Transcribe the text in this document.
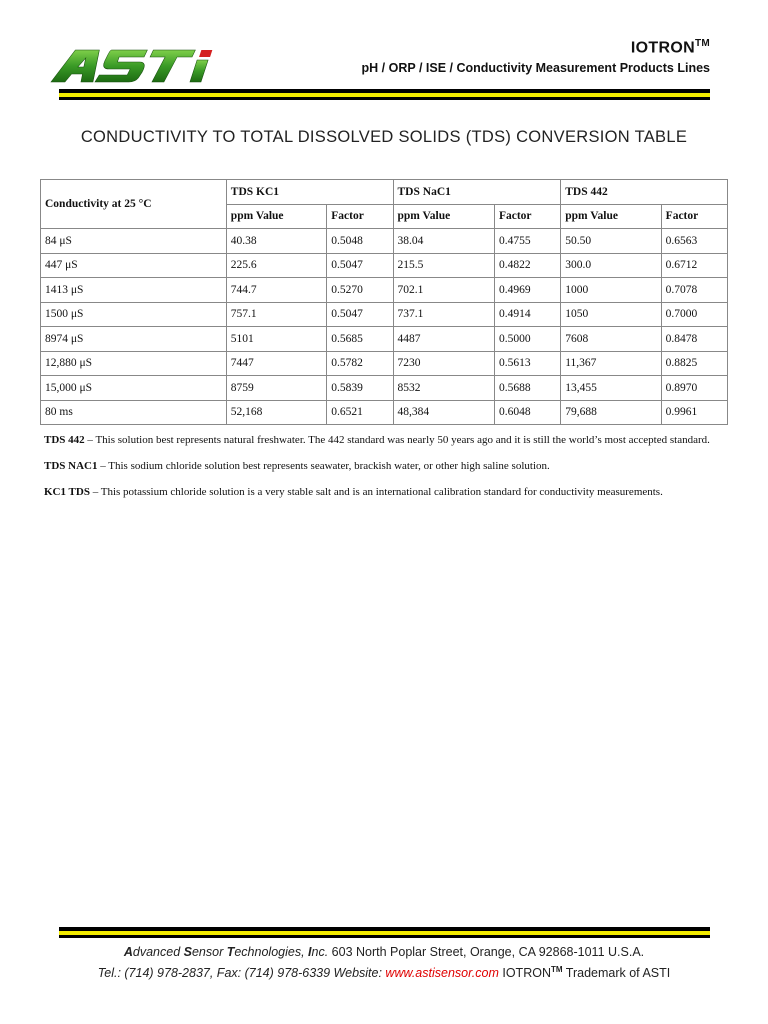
IOTRON™
pH / ORP / ISE / Conductivity Measurement Products Lines
CONDUCTIVITY TO TOTAL DISSOLVED SOLIDS (TDS) CONVERSION TABLE
Conductivity at 25 °C	TDS KC1		TDS NaC1		TDS 442	
	ppm Value	Factor	ppm Value	Factor	ppm Value	Factor
84 μS	40.38	0.5048	38.04	0.4755	50.50	0.6563
447 μS	225.6	0.5047	215.5	0.4822	300.0	0.6712
1413 μS	744.7	0.5270	702.1	0.4969	1000	0.7078
1500 μS	757.1	0.5047	737.1	0.4914	1050	0.7000
8974 μS	5101	0.5685	4487	0.5000	7608	0.8478
12,880 μS	7447	0.5782	7230	0.5613	11,367	0.8825
15,000 μS	8759	0.5839	8532	0.5688	13,455	0.8970
80 ms	52,168	0.6521	48,384	0.6048	79,688	0.9961

TDS 442 – This solution best represents natural freshwater. The 442 standard was nearly 50 years ago and it is still the world’s most accepted standard.

TDS NAC1 – This sodium chloride solution best represents seawater, brackish water, or other high saline solution.

KC1 TDS – This potassium chloride solution is a very stable salt and is an international calibration standard for conductivity measurements.

Advanced Sensor Technologies, Inc. 603 North Poplar Street, Orange, CA 92868-1011 U.S.A.
Tel.: (714) 978-2837, Fax: (714) 978-6339 Website: www.astisensor.com IOTRON™ Trademark of ASTI
